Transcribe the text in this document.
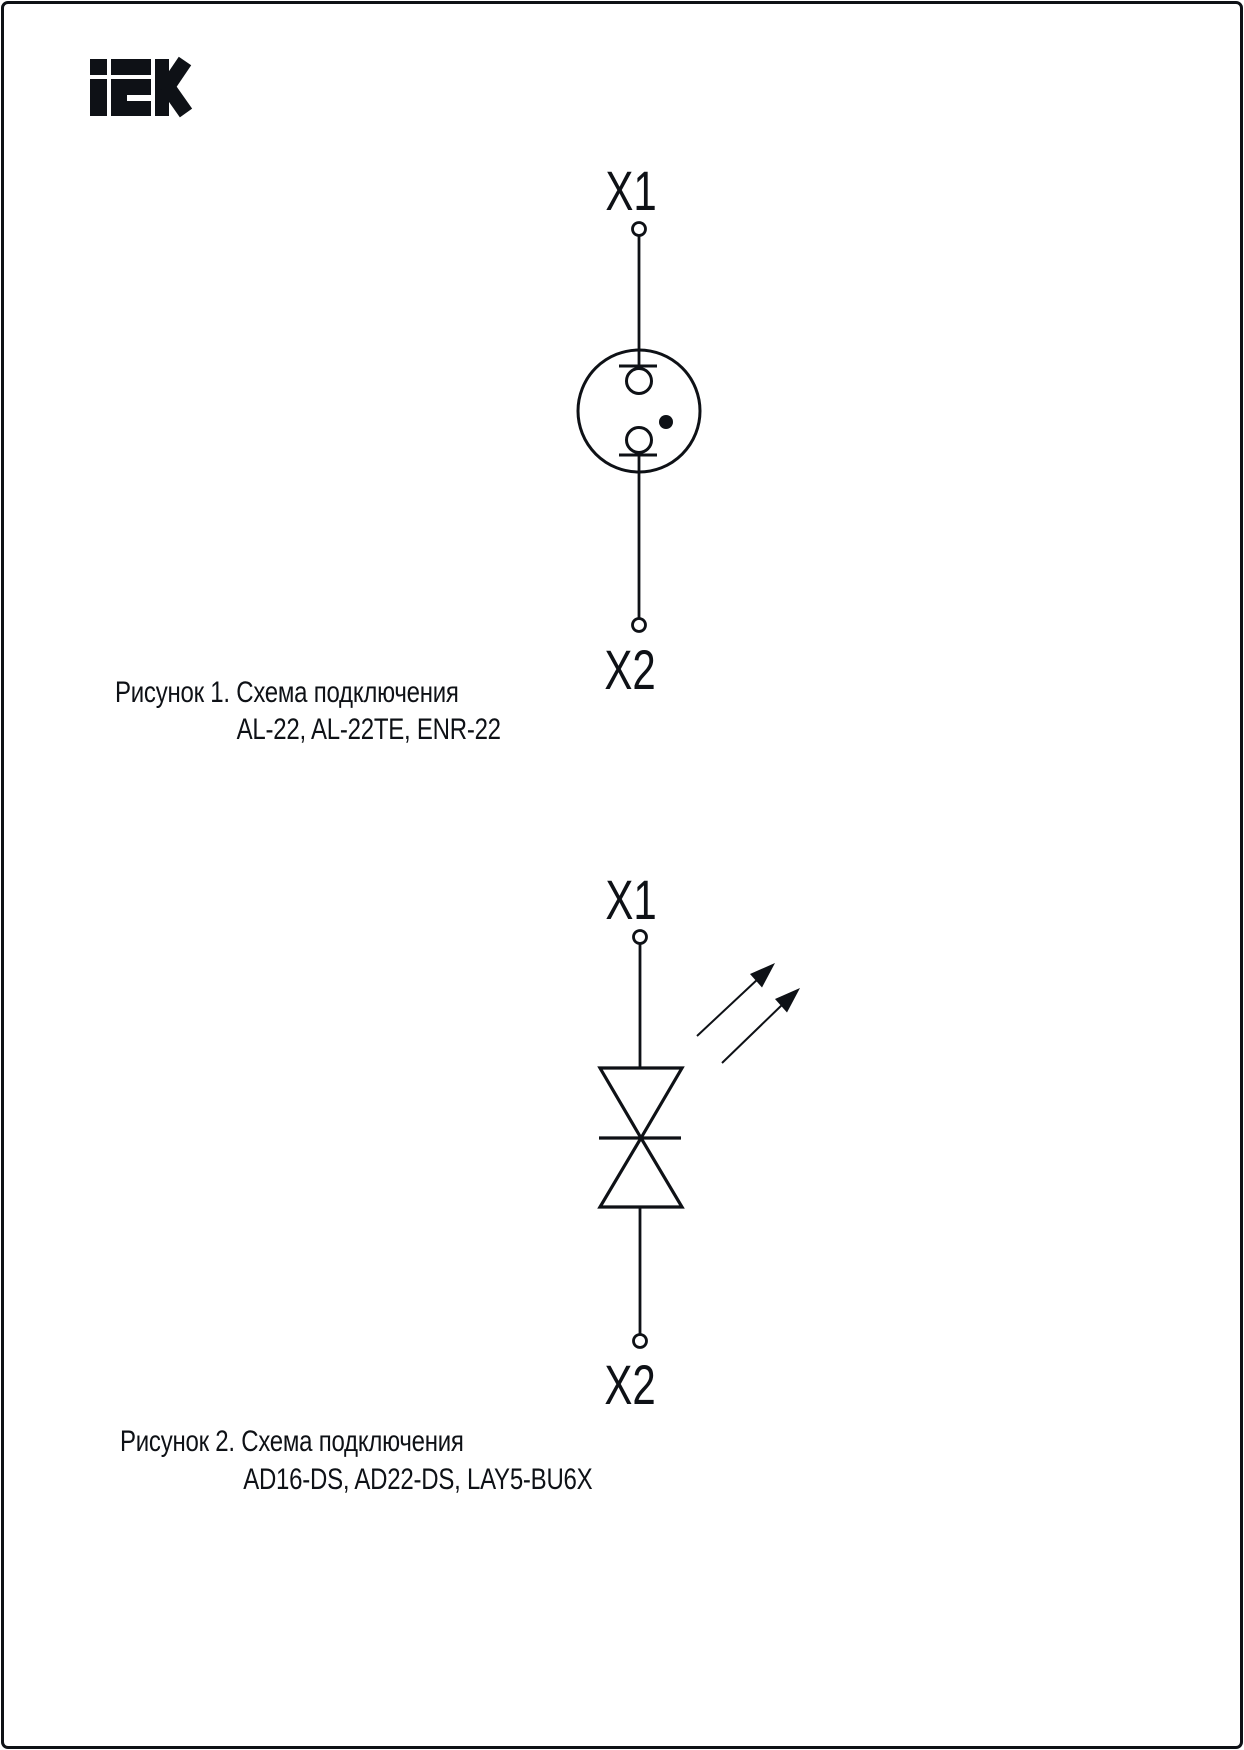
X1
X2
Рисунок 1. Схема подключения
AL-22, AL-22TE, ENR-22
X1
X2
Рисунок 2. Схема подключения
AD16-DS, AD22-DS, LAY5-BU6X
